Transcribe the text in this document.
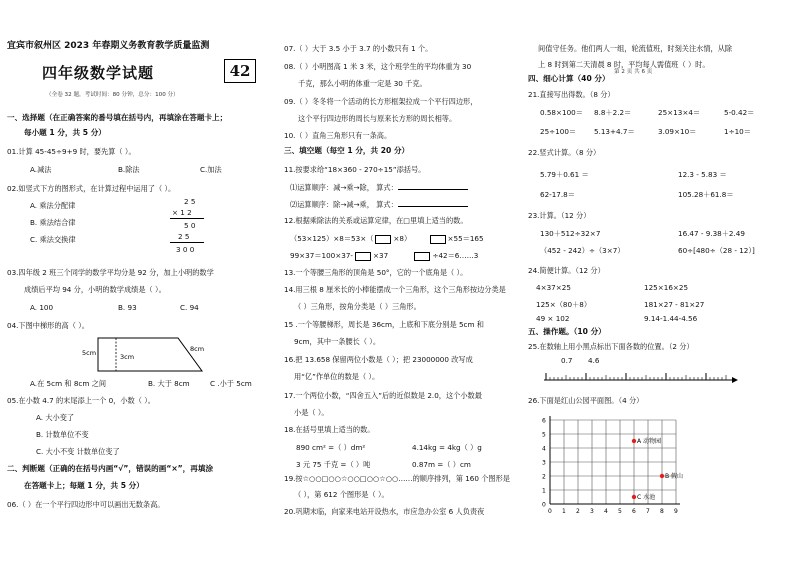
宜宾市叙州区 2023 年春期义务教育教学质量监测
四年级数学试题	42
（全卷 32 题，考试时间：80 分钟，总分：100 分）
一、选择题（在正确答案的番号填在括号内，再填涂在答题卡上；
每小题 1 分，共 5 分）
01.计算 45-45÷9+9 时，要先算（ ）。
A.减法	B.除法	C.加法
02.如竖式下方的图形式，在计算过程中运用了（ ）。
A. 乘法分配律
B. 乘法结合律
C. 乘法交换律
2 5
× 1 2
5 0
2 5
3 0 0
03.四年级 2 班三个同学的数学平均分是 92 分，加上小明的数学
成绩后平均 94 分，小明的数学成绩是（ ）。
A. 100	B. 93	C. 94
04.下图中梯形的高（ ）。
5cm	8cm
3cm
A.在 5cm 和 8cm 之间	B. 大于 8cm	C .小于 5cm
05.在小数 4.7 的末尾添上一个 0，小数（ ）。
A. 大小变了
B. 计数单位不变
C. 大小不变 计数单位变了
二、判断题（正确的在括号内画“√”，错误的画“×”，再填涂
在答题卡上；每题 1 分，共 5 分）
06.（ ）在一个平行四边形中可以画出无数条高。
07.（ ）大于 3.5 小于 3.7 的小数只有 1 个。
08.（ ）小明图高 1 米 3 米，这个班学生的平均体重为 30
千克，那么小明的体重一定是 30 千克。
09.（ ）冬冬将一个活动的长方形框架拉成一个平行四边形，
这个平行四边形的周长与原来长方形的周长相等。
10.（ ）直角三角形只有一条高。
三、填空题（每空 1 分，共 20 分）
11.按要求给“18×360 - 270÷15”添括号。
⑴运算顺序：减→乘→除， 算式：
⑵运算顺序：除→减→乘， 算式：
12.根据乘除法的关系或运算定律，在□里填上适当的数。
（53×125）×8＝53×（	×8）	×55＝165
99×37＝100×37-	×37	÷42＝6……3
13.一个等腰三角形的顶角是 50°，它的一个底角是（ ）。
14.用三根 8 厘米长的小棒能摆成一个三角形，这个三角形按边分类是
（ ）三角形，按角分类是（ ）三角形。
15 .一个等腰梯形，周长是 36cm，上底和下底分别是 5cm 和
9cm，其中一条腰长（ ）。
16.把 13.658 保留两位小数是（ ）；把 23000000 改写成
用“亿”作单位的数是（ ）。
17.一个两位小数，“四舍五入”后的近似数是 2.0，这个小数最
小是（ ）。
18.在括号里填上适当的数。
890 cm² =（ ）dm²	4.14kg = 4kg（ ）g
3 元 75 千克 =（ ）吨	0.87m =（ ）cm
19.按☆○○□○○☆○○□○○☆○○……的顺序排列，第 160 个图形是
（ ），第 612 个图形是（ ）。
20.巩期末临，向家来电站开设热水，市应急办公室 6 人负责夜
间值守任务。他们两人一组，轮流值班，时刻关注水情，从除
上 8 时到第二天清晨 8 时，平均每人需值班（ ）时。
第 2 页 共 6 页
四、细心计算（40 分）
21.直接写出得数。（8 分）
0.58×100＝ 8.8＋2.2＝	25×13×4＝	5-0.42＝
25÷100＝ 5.13+4.7＝	3.09×10＝	1÷10＝
22.竖式计算。（8 分）
5.79＋0.61 ＝	12.3 - 5.83 ＝
62-17.8＝	105.28＋61.8＝
23.计算。（12 分）
130＋512÷32×7	16.47 - 9.38＋2.49
（452 - 242）÷（3×7）	60÷[480÷（28 - 12）]
24.简便计算。（12 分）
4×37×25	125×16×25
125×（80＋8）	181×27 - 81×27
49 × 102	9.14-1.44-4.56
五、操作题。（10 分）
25.在数轴上用小黑点标出下面各数的位置。（2 分）
0.7 4.6
26.下面是红山公园平面图。（4 分）
6
5
4
3
2
1
0
0 1 2 3 4 5 6 7 8 9
A 动物园
B 假山
C 水池
